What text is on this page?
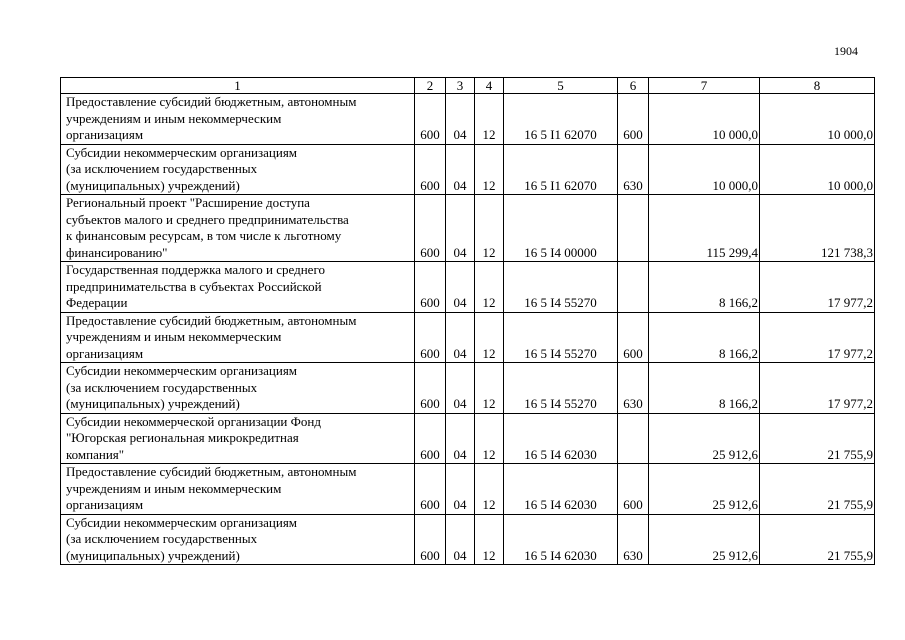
1904
1	2	3	4	5	6	7	8

Предоставление субсидий бюджетным, автономным
учреждениям и иным некоммерческим
организациям	600	04	12	16 5 I1 62070	600	10 000,0	10 000,0

Субсидии некоммерческим организациям
(за исключением государственных
(муниципальных) учреждений)	600	04	12	16 5 I1 62070	630	10 000,0	10 000,0

Региональный проект "Расширение доступа
субъектов малого и среднего предпринимательства
к финансовым ресурсам, в том числе к льготному
финансированию"	600	04	12	16 5 I4 00000		115 299,4	121 738,3

Государственная поддержка малого и среднего
предпринимательства в субъектах Российской
Федерации	600	04	12	16 5 I4 55270		8 166,2	17 977,2

Предоставление субсидий бюджетным, автономным
учреждениям и иным некоммерческим
организациям	600	04	12	16 5 I4 55270	600	8 166,2	17 977,2

Субсидии некоммерческим организациям
(за исключением государственных
(муниципальных) учреждений)	600	04	12	16 5 I4 55270	630	8 166,2	17 977,2

Субсидии некоммерческой организации Фонд
"Югорская региональная микрокредитная
компания"	600	04	12	16 5 I4 62030		25 912,6	21 755,9

Предоставление субсидий бюджетным, автономным
учреждениям и иным некоммерческим
организациям	600	04	12	16 5 I4 62030	600	25 912,6	21 755,9

Субсидии некоммерческим организациям
(за исключением государственных
(муниципальных) учреждений)	600	04	12	16 5 I4 62030	630	25 912,6	21 755,9
